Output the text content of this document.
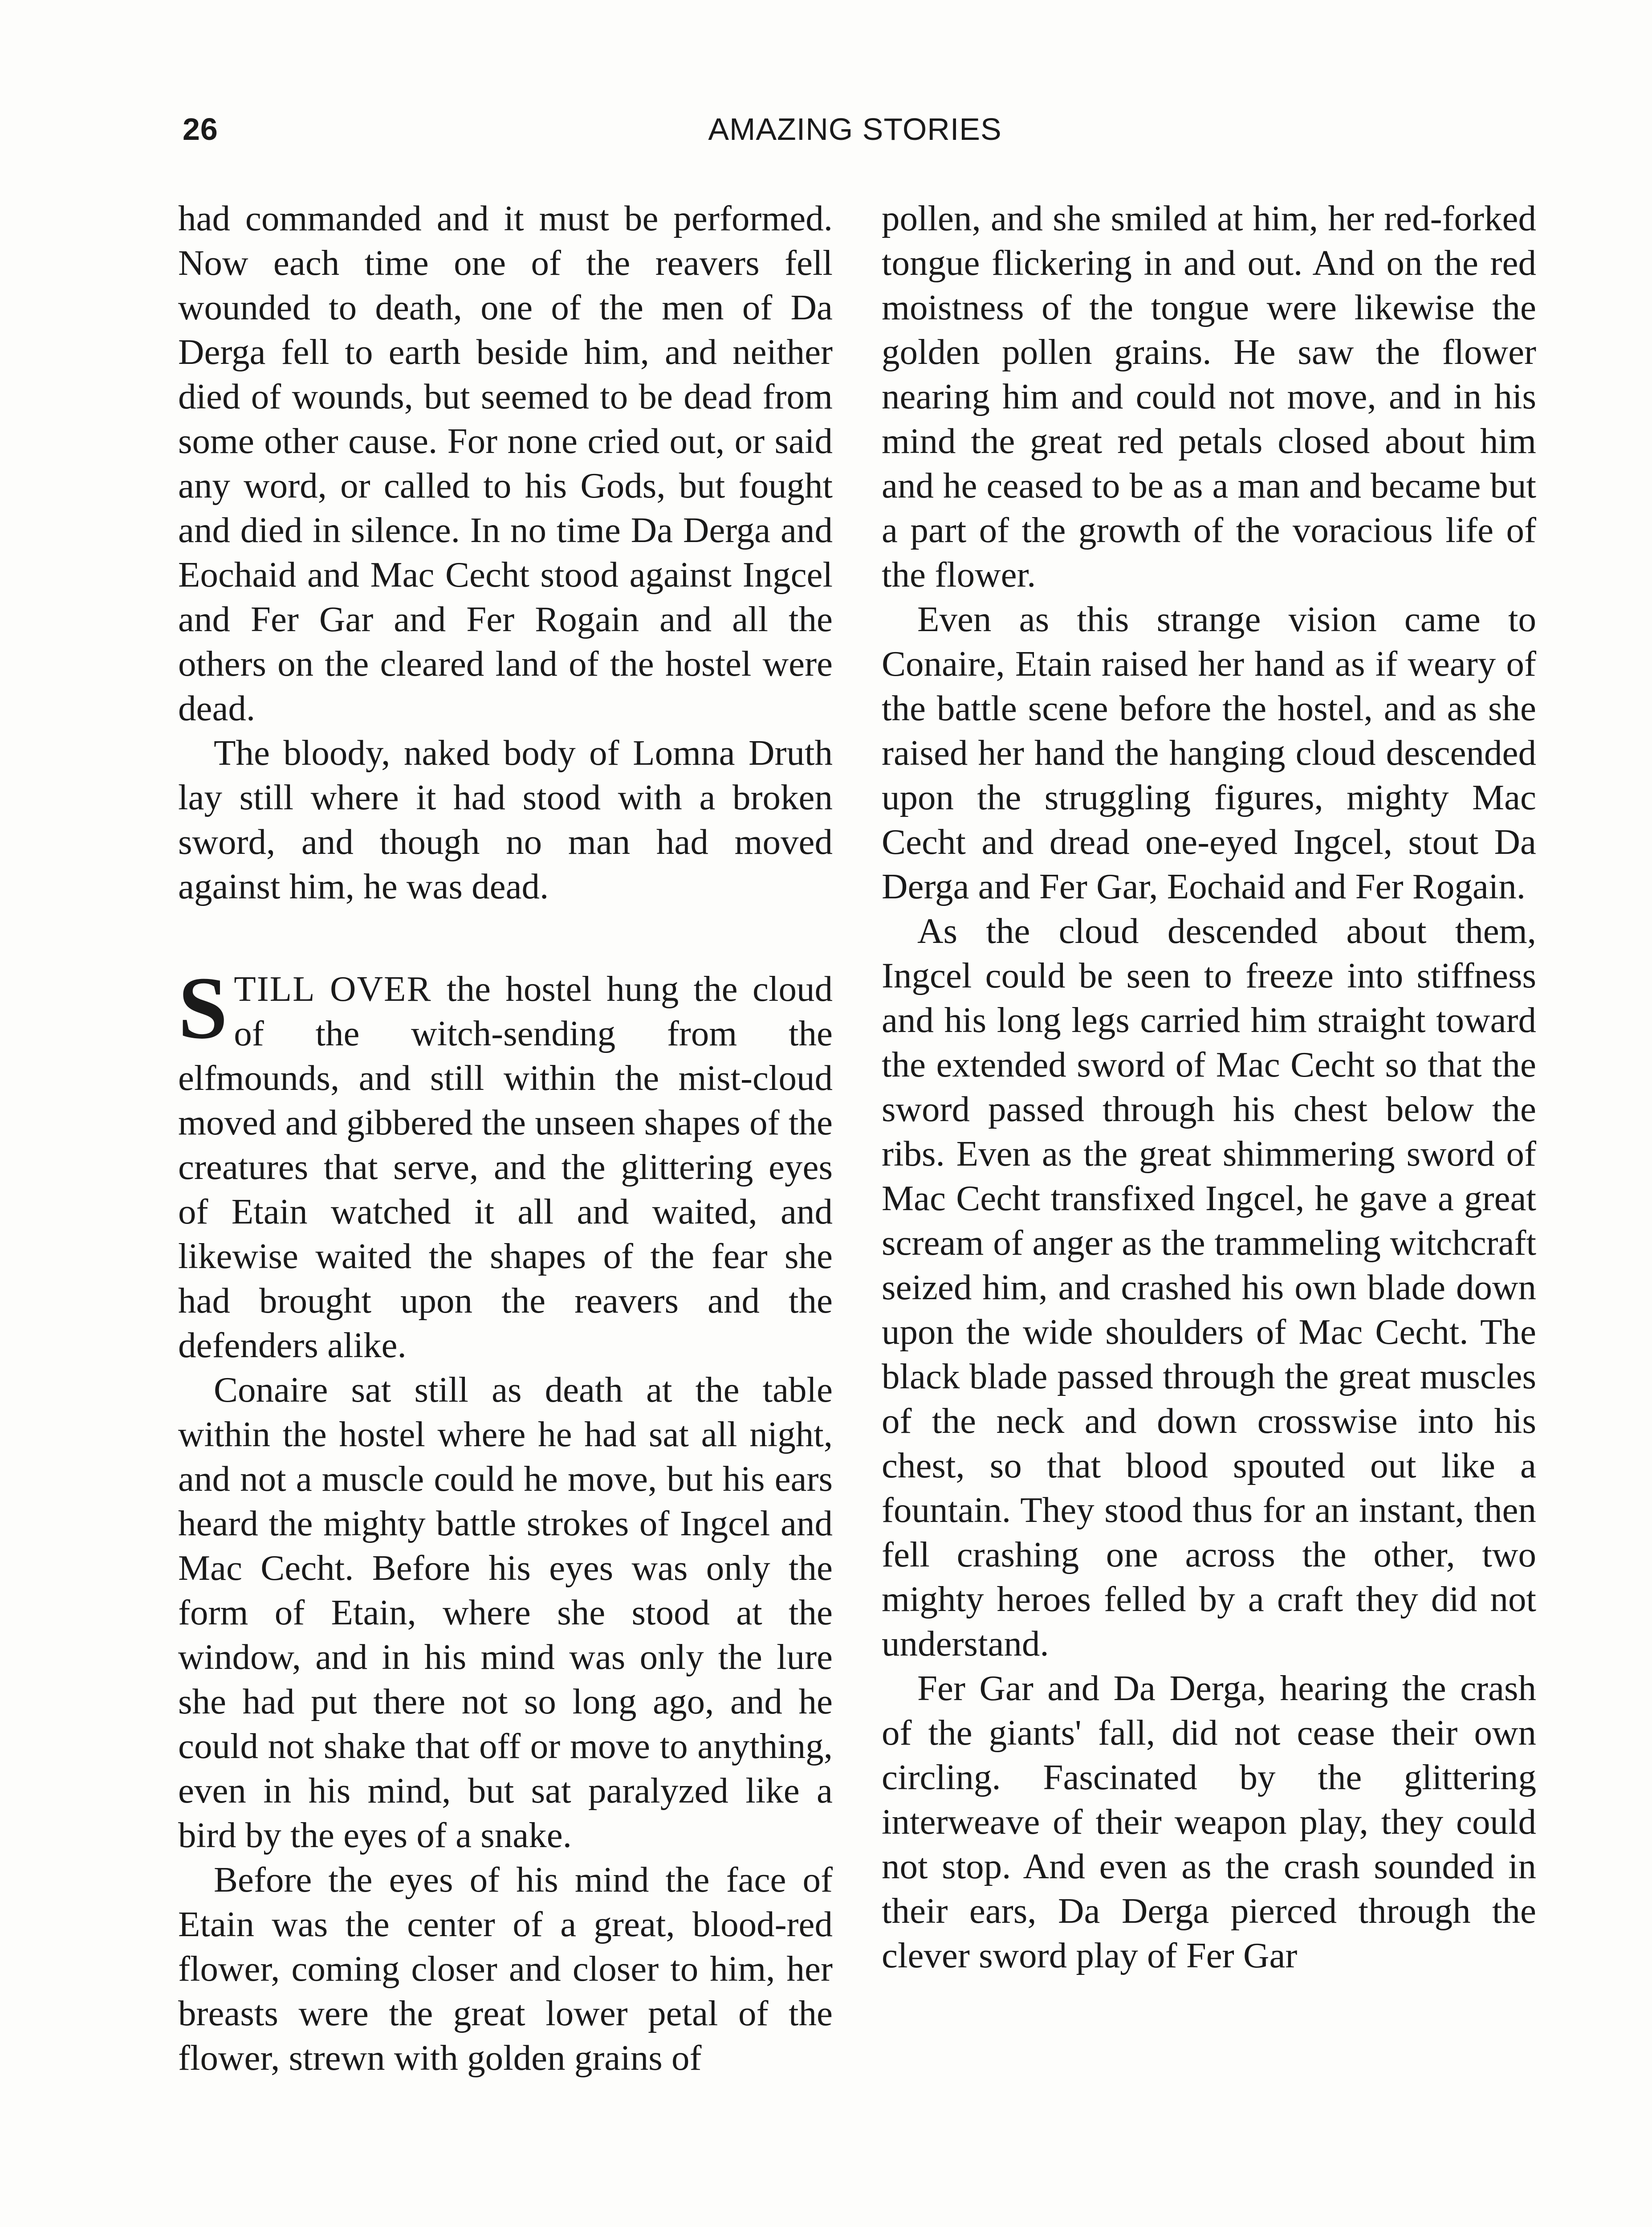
26	AMAZING STORIES

had commanded and it must be performed. Now each time one of the reavers fell wounded to death, one of the men of Da Derga fell to earth beside him, and neither died of wounds, but seemed to be dead from some other cause. For none cried out, or said any word, or called to his Gods, but fought and died in silence. In no time Da Derga and Eochaid and Mac Cecht stood against Ingcel and Fer Gar and Fer Rogain and all the others on the cleared land of the hostel were dead.

The bloody, naked body of Lomna Druth lay still where it had stood with a broken sword, and though no man had moved against him, he was dead.

STILL OVER the hostel hung the cloud of the witch-sending from the elfmounds, and still within the mist-cloud moved and gibbered the unseen shapes of the creatures that serve, and the glittering eyes of Etain watched it all and waited, and likewise waited the shapes of the fear she had brought upon the reavers and the defenders alike.

Conaire sat still as death at the table within the hostel where he had sat all night, and not a muscle could he move, but his ears heard the mighty battle strokes of Ingcel and Mac Cecht. Before his eyes was only the form of Etain, where she stood at the window, and in his mind was only the lure she had put there not so long ago, and he could not shake that off or move to anything, even in his mind, but sat paralyzed like a bird by the eyes of a snake.

Before the eyes of his mind the face of Etain was the center of a great, blood-red flower, coming closer and closer to him, her breasts were the great lower petal of the flower, strewn with golden grains of

pollen, and she smiled at him, her red-forked tongue flickering in and out. And on the red moistness of the tongue were likewise the golden pollen grains. He saw the flower nearing him and could not move, and in his mind the great red petals closed about him and he ceased to be as a man and became but a part of the growth of the voracious life of the flower.

Even as this strange vision came to Conaire, Etain raised her hand as if weary of the battle scene before the hostel, and as she raised her hand the hanging cloud descended upon the struggling figures, mighty Mac Cecht and dread one-eyed Ingcel, stout Da Derga and Fer Gar, Eochaid and Fer Rogain.

As the cloud descended about them, Ingcel could be seen to freeze into stiffness and his long legs carried him straight toward the extended sword of Mac Cecht so that the sword passed through his chest below the ribs. Even as the great shimmering sword of Mac Cecht transfixed Ingcel, he gave a great scream of anger as the trammeling witchcraft seized him, and crashed his own blade down upon the wide shoulders of Mac Cecht. The black blade passed through the great muscles of the neck and down crosswise into his chest, so that blood spouted out like a fountain. They stood thus for an instant, then fell crashing one across the other, two mighty heroes felled by a craft they did not understand.

Fer Gar and Da Derga, hearing the crash of the giants' fall, did not cease their own circling. Fascinated by the glittering interweave of their weapon play, they could not stop. And even as the crash sounded in their ears, Da Derga pierced through the clever sword play of Fer Gar
